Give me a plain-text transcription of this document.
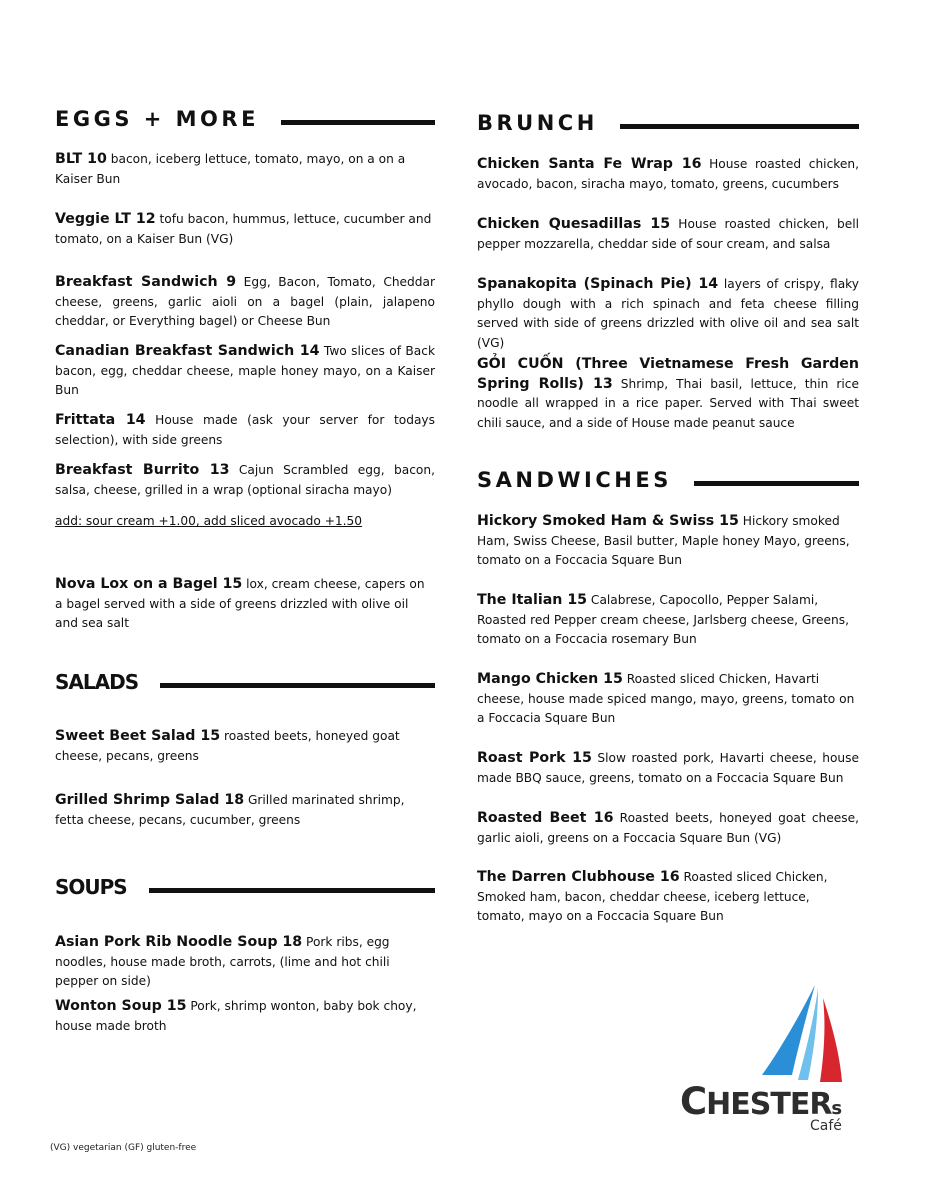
EGGS + MORE
BLT 10 bacon, iceberg lettuce, tomato, mayo, on a on a Kaiser Bun
Veggie LT 12 tofu bacon, hummus, lettuce, cucumber and tomato, on a Kaiser Bun (VG)
Breakfast Sandwich 9 Egg, Bacon, Tomato, Cheddar cheese, greens, garlic aioli on a bagel (plain, jalapeno cheddar, or Everything bagel) or Cheese Bun
Canadian Breakfast Sandwich 14 Two slices of Back bacon, egg, cheddar cheese, maple honey mayo, on a Kaiser Bun
Frittata 14 House made (ask your server for todays selection), with side greens
Breakfast Burrito 13 Cajun Scrambled egg, bacon, salsa, cheese, grilled in a wrap (optional siracha mayo)
add: sour cream +1.00, add sliced avocado +1.50
Nova Lox on a Bagel 15 lox, cream cheese, capers on a bagel served with a side of greens drizzled with olive oil and sea salt
SALADS
Sweet Beet Salad 15 roasted beets, honeyed goat cheese, pecans, greens
Grilled Shrimp Salad 18 Grilled marinated shrimp, fetta cheese, pecans, cucumber, greens
SOUPS
Asian Pork Rib Noodle Soup 18 Pork ribs, egg noodles, house made broth, carrots, (lime and hot chili pepper on side)
Wonton Soup 15 Pork, shrimp wonton, baby bok choy, house made broth
BRUNCH
Chicken Santa Fe Wrap 16 House roasted chicken, avocado, bacon, siracha mayo, tomato, greens, cucumbers
Chicken Quesadillas 15 House roasted chicken, bell pepper mozzarella, cheddar side of sour cream, and salsa
Spanakopita (Spinach Pie) 14 layers of crispy, flaky phyllo dough with a rich spinach and feta cheese filling served with side of greens drizzled with olive oil and sea salt (VG)
GỎI CUỐN (Three Vietnamese Fresh Garden Spring Rolls) 13 Shrimp, Thai basil, lettuce, thin rice noodle all wrapped in a rice paper. Served with Thai sweet chili sauce, and a side of House made peanut sauce
SANDWICHES
Hickory Smoked Ham & Swiss 15 Hickory smoked Ham, Swiss Cheese, Basil butter, Maple honey Mayo, greens, tomato on a Foccacia Square Bun
The Italian 15 Calabrese, Capocollo, Pepper Salami, Roasted red Pepper cream cheese, Jarlsberg cheese, Greens, tomato on a Foccacia rosemary Bun
Mango Chicken 15 Roasted sliced Chicken, Havarti cheese, house made spiced mango, mayo, greens, tomato on a Foccacia Square Bun
Roast Pork 15 Slow roasted pork, Havarti cheese, house made BBQ sauce, greens, tomato on a Foccacia Square Bun
Roasted Beet 16 Roasted beets, honeyed goat cheese, garlic aioli, greens on a Foccacia Square Bun (VG)
The Darren Clubhouse 16 Roasted sliced Chicken, Smoked ham, bacon, cheddar cheese, iceberg lettuce, tomato, mayo on a Foccacia Square Bun
CHESTERs
Café
(VG) vegetarian (GF) gluten-free
